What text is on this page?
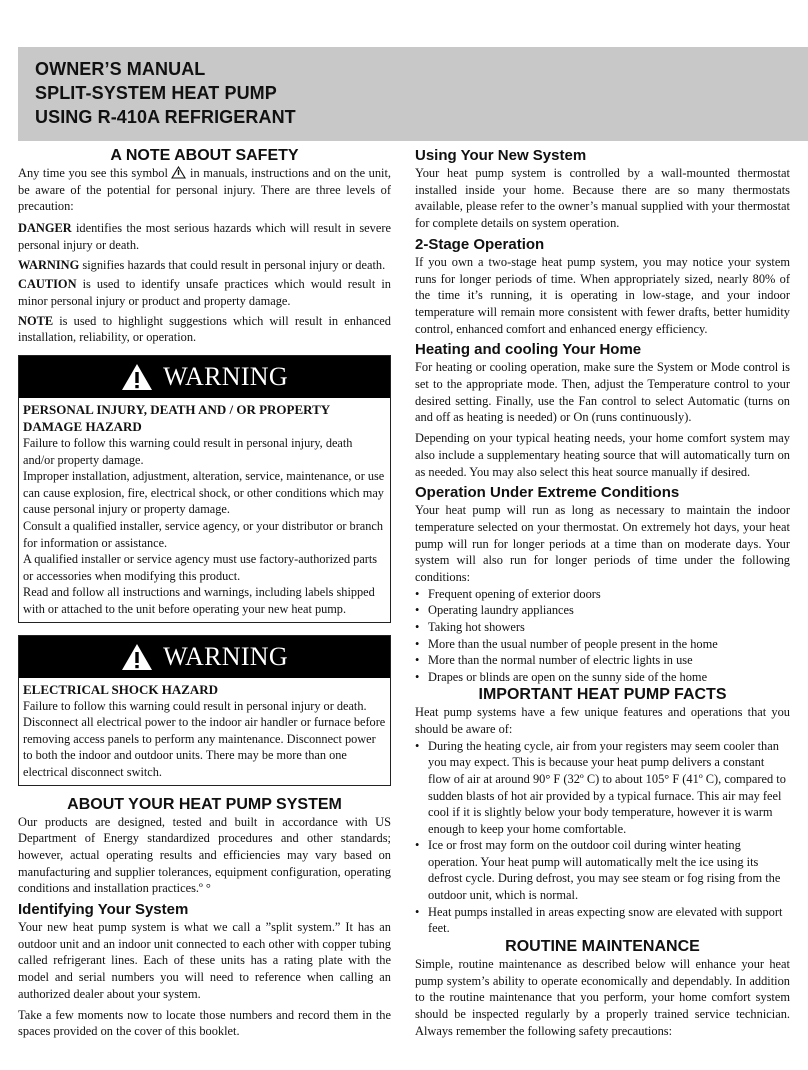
OWNER’S MANUAL
SPLIT-SYSTEM HEAT PUMP
USING R-410A REFRIGERANT
A NOTE ABOUT SAFETY

Any time you see this symbol in manuals, instructions and on the unit, be aware of the potential for personal injury. There are three levels of precaution:

DANGER identifies the most serious hazards which will result in severe personal injury or death.

WARNING signifies hazards that could result in personal injury or death.

CAUTION is used to identify unsafe practices which would result in minor personal injury or product and property damage.

NOTE is used to highlight suggestions which will result in enhanced installation, reliability, or operation.

WARNING

PERSONAL INJURY, DEATH AND / OR PROPERTY DAMAGE HAZARD

Failure to follow this warning could result in personal injury, death and/or property damage.

Improper installation, adjustment, alteration, service, maintenance, or use can cause explosion, fire, electrical shock, or other conditions which may cause personal injury or property damage.

Consult a qualified installer, service agency, or your distributor or branch for information or assistance.

A qualified installer or service agency must use factory-authorized parts or accessories when modifying this product.

Read and follow all instructions and warnings, including labels shipped with or attached to the unit before operating your new heat pump.

WARNING

ELECTRICAL SHOCK HAZARD

Failure to follow this warning could result in personal injury or death.

Disconnect all electrical power to the indoor air handler or furnace before removing access panels to perform any maintenance. Disconnect power to both the indoor and outdoor units. There may be more than one electrical disconnect switch.

ABOUT YOUR HEAT PUMP SYSTEM

Our products are designed, tested and built in accordance with US Department of Energy standardized procedures and other standards; however, actual operating results and efficiencies may vary based on manufacturing and supplier tolerances, equipment configuration, operating conditions and installation practices.º °

Identifying Your System

Your new heat pump system is what we call a ”split system.” It has an outdoor unit and an indoor unit connected to each other with copper tubing called refrigerant lines. Each of these units has a rating plate with the model and serial numbers you will need to reference when calling an authorized dealer about your system.

Take a few moments now to locate those numbers and record them in the spaces provided on the cover of this booklet.

Using Your New System

Your heat pump system is controlled by a wall-mounted thermostat installed inside your home. Because there are so many thermostats available, please refer to the owner’s manual supplied with your thermostat for complete details on system operation.

2-Stage Operation

If you own a two-stage heat pump system, you may notice your system runs for longer periods of time. When appropriately sized, nearly 80% of the time it’s running, it is operating in low-stage, and your indoor temperature will remain more consistent with fewer drafts, better humidity control, enhanced comfort and enhanced energy efficiency.

Heating and cooling Your Home

For heating or cooling operation, make sure the System or Mode control is set to the appropriate mode. Then, adjust the Temperature control to your desired setting. Finally, use the Fan control to select Automatic (turns on and off as heating is needed) or On (runs continuously).

Depending on your typical heating needs, your home comfort system may also include a supplementary heating source that will automatically turn on as needed. You may also select this heat source manually if desired.

Operation Under Extreme Conditions

Your heat pump will run as long as necessary to maintain the indoor temperature selected on your thermostat. On extremely hot days, your heat pump will run for longer periods at a time than on moderate days. Your system will also run for longer periods of time under the following conditions:

• Frequent opening of exterior doors
• Operating laundry appliances
• Taking hot showers
• More than the usual number of people present in the home
• More than the normal number of electric lights in use
• Drapes or blinds are open on the sunny side of the home
IMPORTANT HEAT PUMP FACTS

Heat pump systems have a few unique features and operations that you should be aware of:

• During the heating cycle, air from your registers may seem cooler than you may expect. This is because your heat pump delivers a constant flow of air at around 90° F (32º C) to about 105° F (41º C), compared to sudden blasts of hot air provided by a typical furnace. This air may feel cool if it is slightly below your body temperature, however it is warm enough to keep your home comfortable.
• Ice or frost may form on the outdoor coil during winter heating operation. Your heat pump will automatically melt the ice using its defrost cycle. During defrost, you may see steam or fog rising from the outdoor unit, which is normal.
• Heat pumps installed in areas expecting snow are elevated with support feet.
ROUTINE MAINTENANCE

Simple, routine maintenance as described below will enhance your heat pump system’s ability to operate economically and dependably. In addition to the routine maintenance that you perform, your home comfort system should be inspected regularly by a properly trained service technician. Always remember the following safety precautions:
